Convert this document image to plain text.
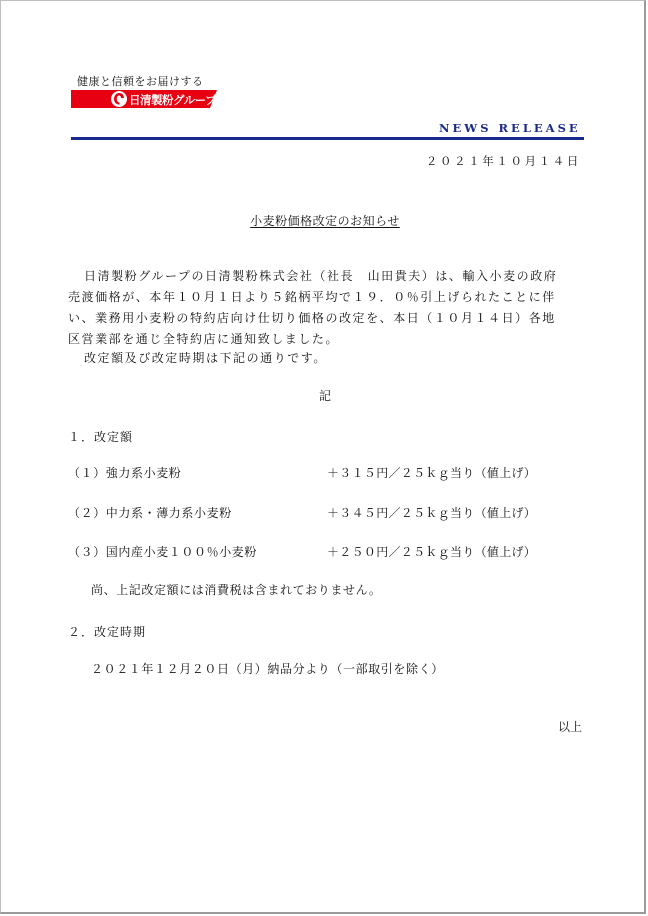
健康と信頼をお届けする
日清製粉グループ
NEWS RELEASE
２０２１年１０月１４日
小麦粉価格改定のお知らせ

日清製粉グループの日清製粉株式会社（社長　山田貴夫）は、輸入小麦の政府

売渡価格が、本年１０月１日より５銘柄平均で１９．０％引上げられたことに伴

い、業務用小麦粉の特約店向け仕切り価格の改定を、本日（１０月１４日）各地

区営業部を通じ全特約店に通知致しました。

改定額及び改定時期は下記の通りです。

記
１．改定額
（１）強力系小麦粉	＋３１５円／２５ｋｇ当り（値上げ）
（２）中力系・薄力系小麦粉	＋３４５円／２５ｋｇ当り（値上げ）
（３）国内産小麦１００％小麦粉	＋２５０円／２５ｋｇ当り（値上げ）
尚、上記改定額には消費税は含まれておりません。
２．改定時期
２０２１年１２月２０日（月）納品分より（一部取引を除く）
以上
